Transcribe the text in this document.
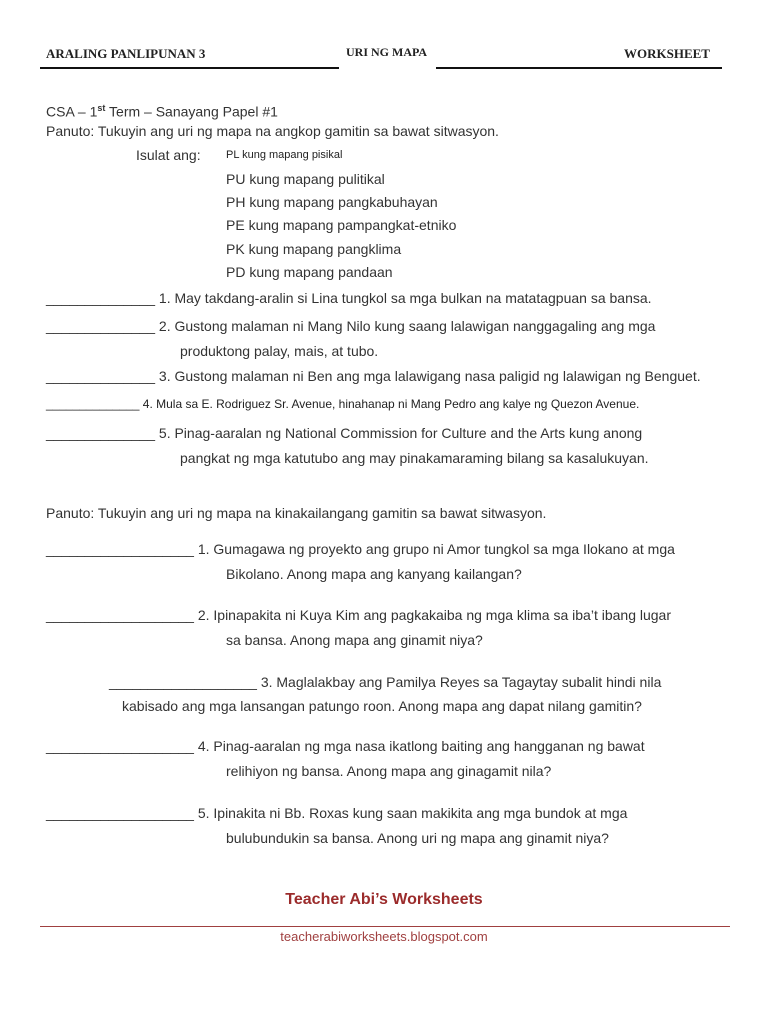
ARALING PANLIPUNAN 3	URI NG MAPA	WORKSHEET
CSA – 1st Term – Sanayang Papel #1
Panuto: Tukuyin ang uri ng mapa na angkop gamitin sa bawat sitwasyon.
Isulat ang: PL kung mapang pisikal
PU kung mapang pulitikal
PH kung mapang pangkabuhayan
PE kung mapang pampangkat-etniko
PK kung mapang pangklima
PD kung mapang pandaan
______________ 1. May takdang-aralin si Lina tungkol sa mga bulkan na matatagpuan sa bansa.
______________ 2. Gustong malaman ni Mang Nilo kung saang lalawigan nanggagaling ang mga
produktong palay, mais, at tubo.
______________ 3. Gustong malaman ni Ben ang mga lalawigang nasa paligid ng lalawigan ng Benguet.
______________ 4. Mula sa E. Rodriguez Sr. Avenue, hinahanap ni Mang Pedro ang kalye ng Quezon Avenue.
______________ 5. Pinag-aaralan ng National Commission for Culture and the Arts kung anong
pangkat ng mga katutubo ang may pinakamaraming bilang sa kasalukuyan.
Panuto: Tukuyin ang uri ng mapa na kinakailangang gamitin sa bawat sitwasyon.
___________________ 1. Gumagawa ng proyekto ang grupo ni Amor tungkol sa mga Ilokano at mga
Bikolano. Anong mapa ang kanyang kailangan?
___________________ 2. Ipinapakita ni Kuya Kim ang pagkakaiba ng mga klima sa iba’t ibang lugar
sa bansa. Anong mapa ang ginamit niya?
___________________ 3. Maglalakbay ang Pamilya Reyes sa Tagaytay subalit hindi nila
kabisado ang mga lansangan patungo roon. Anong mapa ang dapat nilang gamitin?
___________________ 4. Pinag-aaralan ng mga nasa ikatlong baiting ang hangganan ng bawat
relihiyon ng bansa. Anong mapa ang ginagamit nila?
___________________ 5. Ipinakita ni Bb. Roxas kung saan makikita ang mga bundok at mga
bulubundukin sa bansa. Anong uri ng mapa ang ginamit niya?
Teacher Abi’s Worksheets
teacherabiworksheets.blogspot.com
